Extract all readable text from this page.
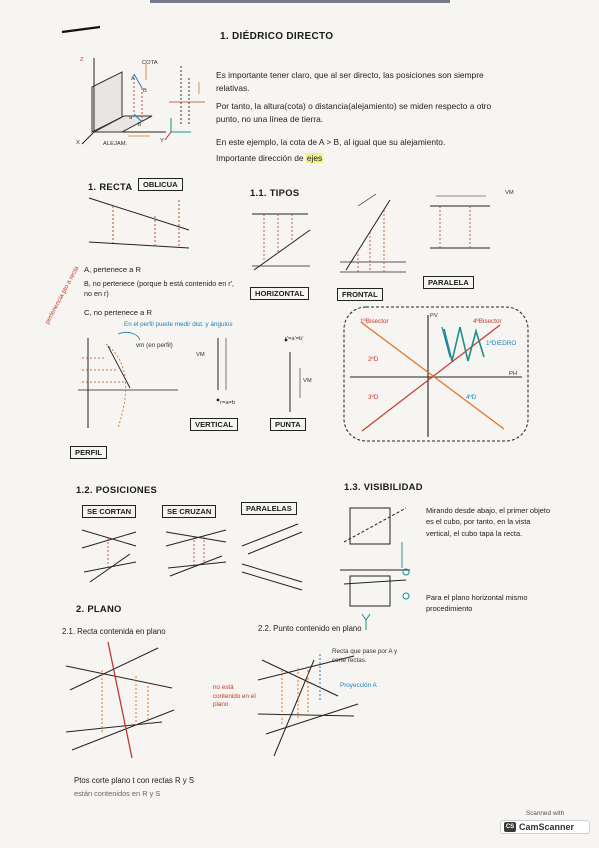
1. DIÉDRICO DIRECTO
Z	COTA
A
B
a
b
X	Y
ALEJAM.
Es importante tener claro, que al ser directo, las posiciones son siempre relativas.
Por tanto, la altura(cota) o distancia(alejamiento) se miden respecto a otro punto, no una línea de tierra.
En este ejemplo, la cota de A > B, al igual que su alejamiento.
Importante dirección de ejes
1. RECTA	OBLICUA
pertenencia pto a recta A, pertenece a R
B, no pertenece (porque b está contenido en r', no en r)
C, no pertenece a R
En el perfil puede medir dist. y ángulos
vm (en perfil)
PERFIL
1.1. TIPOS
HORIZONTAL	FRONTAL
VM
PARALELA
VM
r=a=b
VERTICAL
r'=a'=b'
VM
PUNTA
1ºBisector	4ºBisector
PV
PH
1ºDIEDRO
2ºD
3ºD	4ºD
1.2. POSICIONES
SE CORTAN	SE CRUZAN	PARALELAS
1.3. VISIBILIDAD
Mirando desde abajo, el primer objeto es el cubo, por tanto, en la vista vertical, el cubo tapa la recta.
Para el plano horizontal mismo procedimiento
2. PLANO
2.1. Recta contenida en plano	2.2. Punto contenido en plano
Recta que pase por A y corte rectas.
Proyección A
no está contenido en el plano
Ptos corte plano t con rectas R y S
están contenidos en R y S
Scanned with
CS CamScanner
